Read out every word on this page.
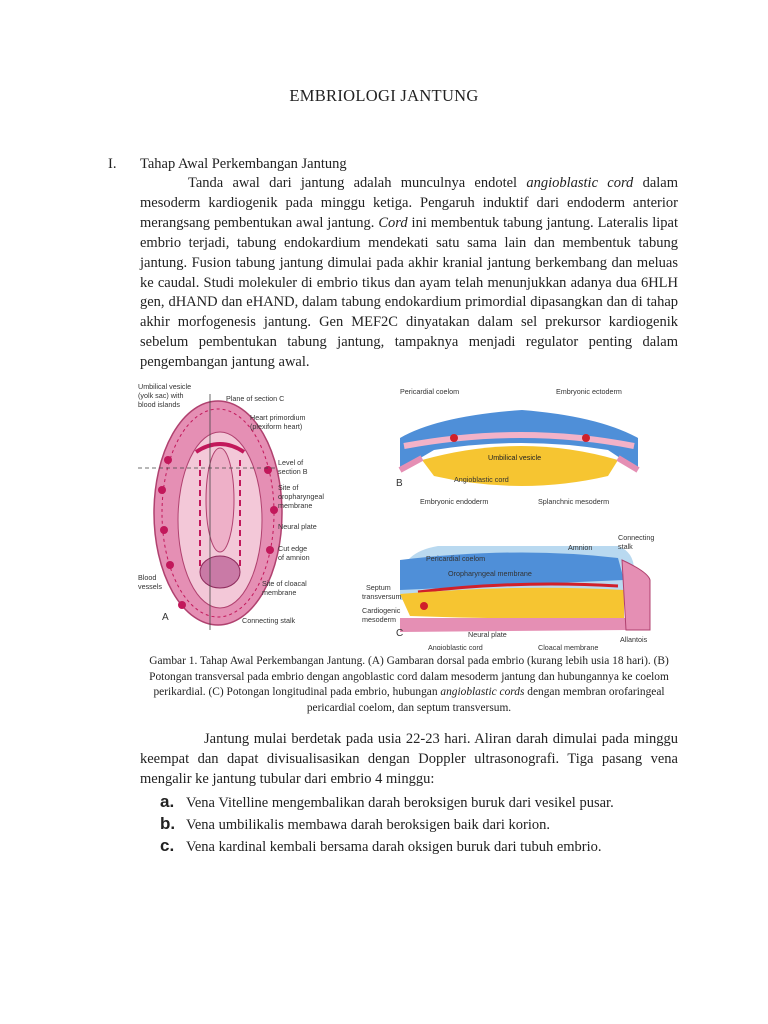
EMBRIOLOGI JANTUNG
I. Tahap Awal Perkembangan Jantung

Tanda awal dari jantung adalah munculnya endotel angioblastic cord dalam mesoderm kardiogenik pada minggu ketiga. Pengaruh induktif dari endoderm anterior merangsang pembentukan awal jantung. Cord ini membentuk tabung jantung. Lateralis lipat embrio terjadi, tabung endokardium mendekati satu sama lain dan membentuk tabung jantung. Fusion tabung jantung dimulai pada akhir kranial jantung berkembang dan meluas ke caudal. Studi molekuler di embrio tikus dan ayam telah menunjukkan adanya dua 6HLH gen, dHAND dan eHAND, dalam tabung endokardium primordial dipasangkan dan di tahap akhir morfogenesis jantung. Gen MEF2C dinyatakan dalam sel prekursor kardiogenik sebelum pembentukan tabung jantung, tampaknya menjadi regulator penting dalam pengembangan jantung awal.

Umbilical vesicle
(yolk sac) with
blood islands
Blood
vessels
Plane of section C
Heart primordium
(plexiform heart)
Level of
section B
Site of
oropharyngeal
membrane
Neural plate
Cut edge
of amnion
Site of cloacal
membrane
Connecting stalk
A
Pericardial coelom	Embryonic ectoderm
Umbilical vesicle
Angioblastic cord
Embryonic endoderm	Splanchnic mesoderm
B
Connecting
stalk
Amnion
Pericardial coelom
Oropharyngeal membrane
Septum
transversum
Cardiogenic
mesoderm
Neural plate
Allantois
Cloacal membrane
Angioblastic cord
C
Gambar 1. Tahap Awal Perkembangan Jantung. (A) Gambaran dorsal pada embrio (kurang lebih usia 18 hari). (B) Potongan transversal pada embrio dengan angoblastic cord dalam mesoderm jantung dan hubungannya ke coelom perikardial. (C) Potongan longitudinal pada embrio, hubungan angioblastic cords dengan membran orofaringeal pericardial coelom, dan septum transversum.

Jantung mulai berdetak pada usia 22-23 hari. Aliran darah dimulai pada minggu keempat dan dapat divisualisasikan dengan Doppler ultrasonografi. Tiga pasang vena mengalir ke jantung tubular dari embrio 4 minggu:

a. Vena Vitelline mengembalikan darah beroksigen buruk dari vesikel pusar.
b. Vena umbilikalis membawa darah beroksigen baik dari korion.
c. Vena kardinal kembali bersama darah oksigen buruk dari tubuh embrio.
